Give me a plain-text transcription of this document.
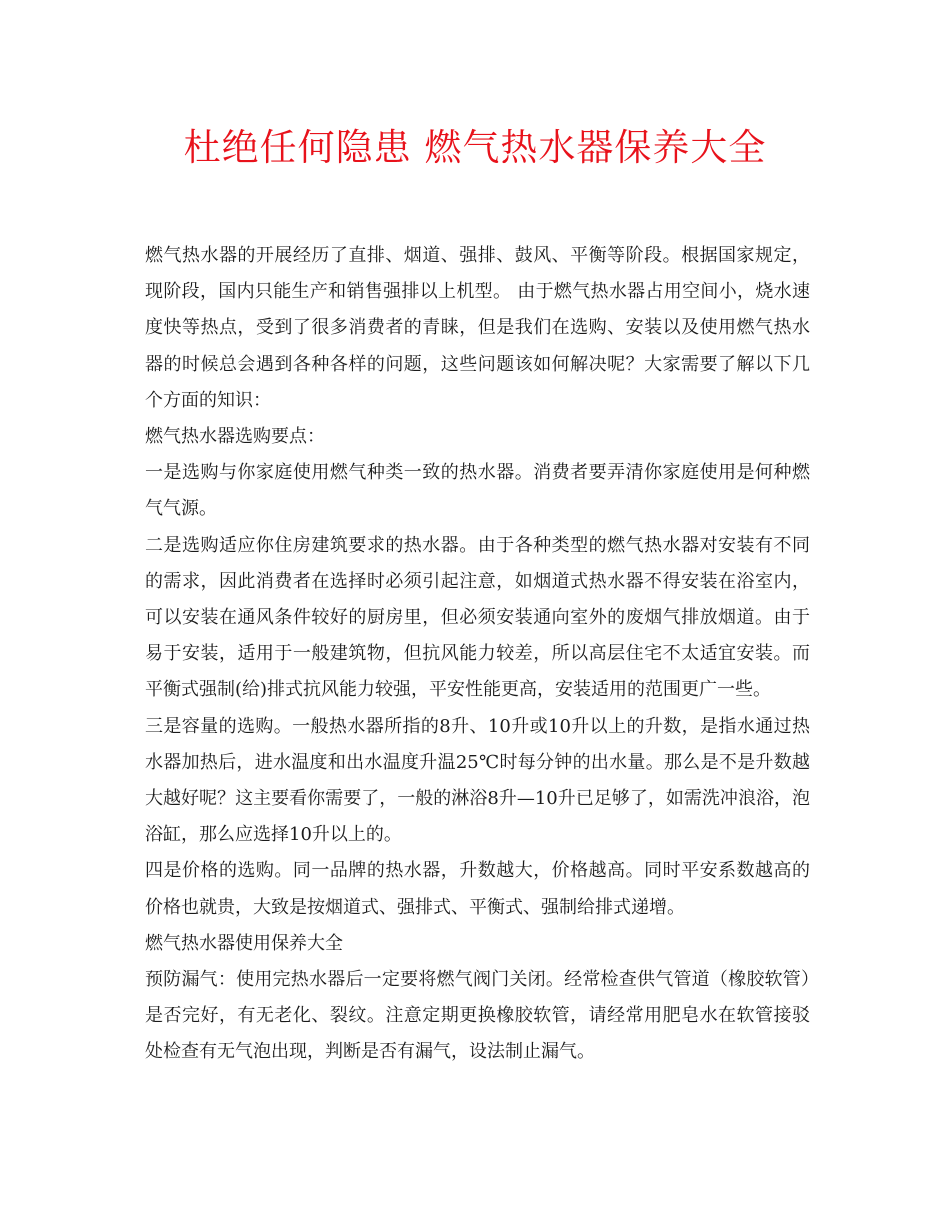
杜绝任何隐患 燃气热水器保养大全

燃气热水器的开展经历了直排、烟道、强排、鼓风、平衡等阶段。根据国家规定，现阶段，国内只能生产和销售强排以上机型。 由于燃气热水器占用空间小，烧水速度快等热点，受到了很多消费者的青睐，但是我们在选购、安装以及使用燃气热水器的时候总会遇到各种各样的问题，这些问题该如何解决呢？大家需要了解以下几个方面的知识：

燃气热水器选购要点：

一是选购与你家庭使用燃气种类一致的热水器。消费者要弄清你家庭使用是何种燃气气源。

二是选购适应你住房建筑要求的热水器。由于各种类型的燃气热水器对安装有不同的需求，因此消费者在选择时必须引起注意，如烟道式热水器不得安装在浴室内，可以安装在通风条件较好的厨房里，但必须安装通向室外的废烟气排放烟道。由于易于安装，适用于一般建筑物，但抗风能力较差，所以高层住宅不太适宜安装。而平衡式强制(给)排式抗风能力较强，平安性能更高，安装适用的范围更广一些。

三是容量的选购。一般热水器所指的8升、10升或10升以上的升数，是指水通过热水器加热后，进水温度和出水温度升温25℃时每分钟的出水量。那么是不是升数越大越好呢？这主要看你需要了，一般的淋浴8升—10升已足够了，如需洗冲浪浴，泡浴缸，那么应选择10升以上的。

四是价格的选购。同一品牌的热水器，升数越大，价格越高。同时平安系数越高的价格也就贵，大致是按烟道式、强排式、平衡式、强制给排式递增。

燃气热水器使用保养大全

预防漏气：使用完热水器后一定要将燃气阀门关闭。经常检查供气管道（橡胶软管）是否完好，有无老化、裂纹。注意定期更换橡胶软管，请经常用肥皂水在软管接驳处检查有无气泡出现，判断是否有漏气，设法制止漏气。
